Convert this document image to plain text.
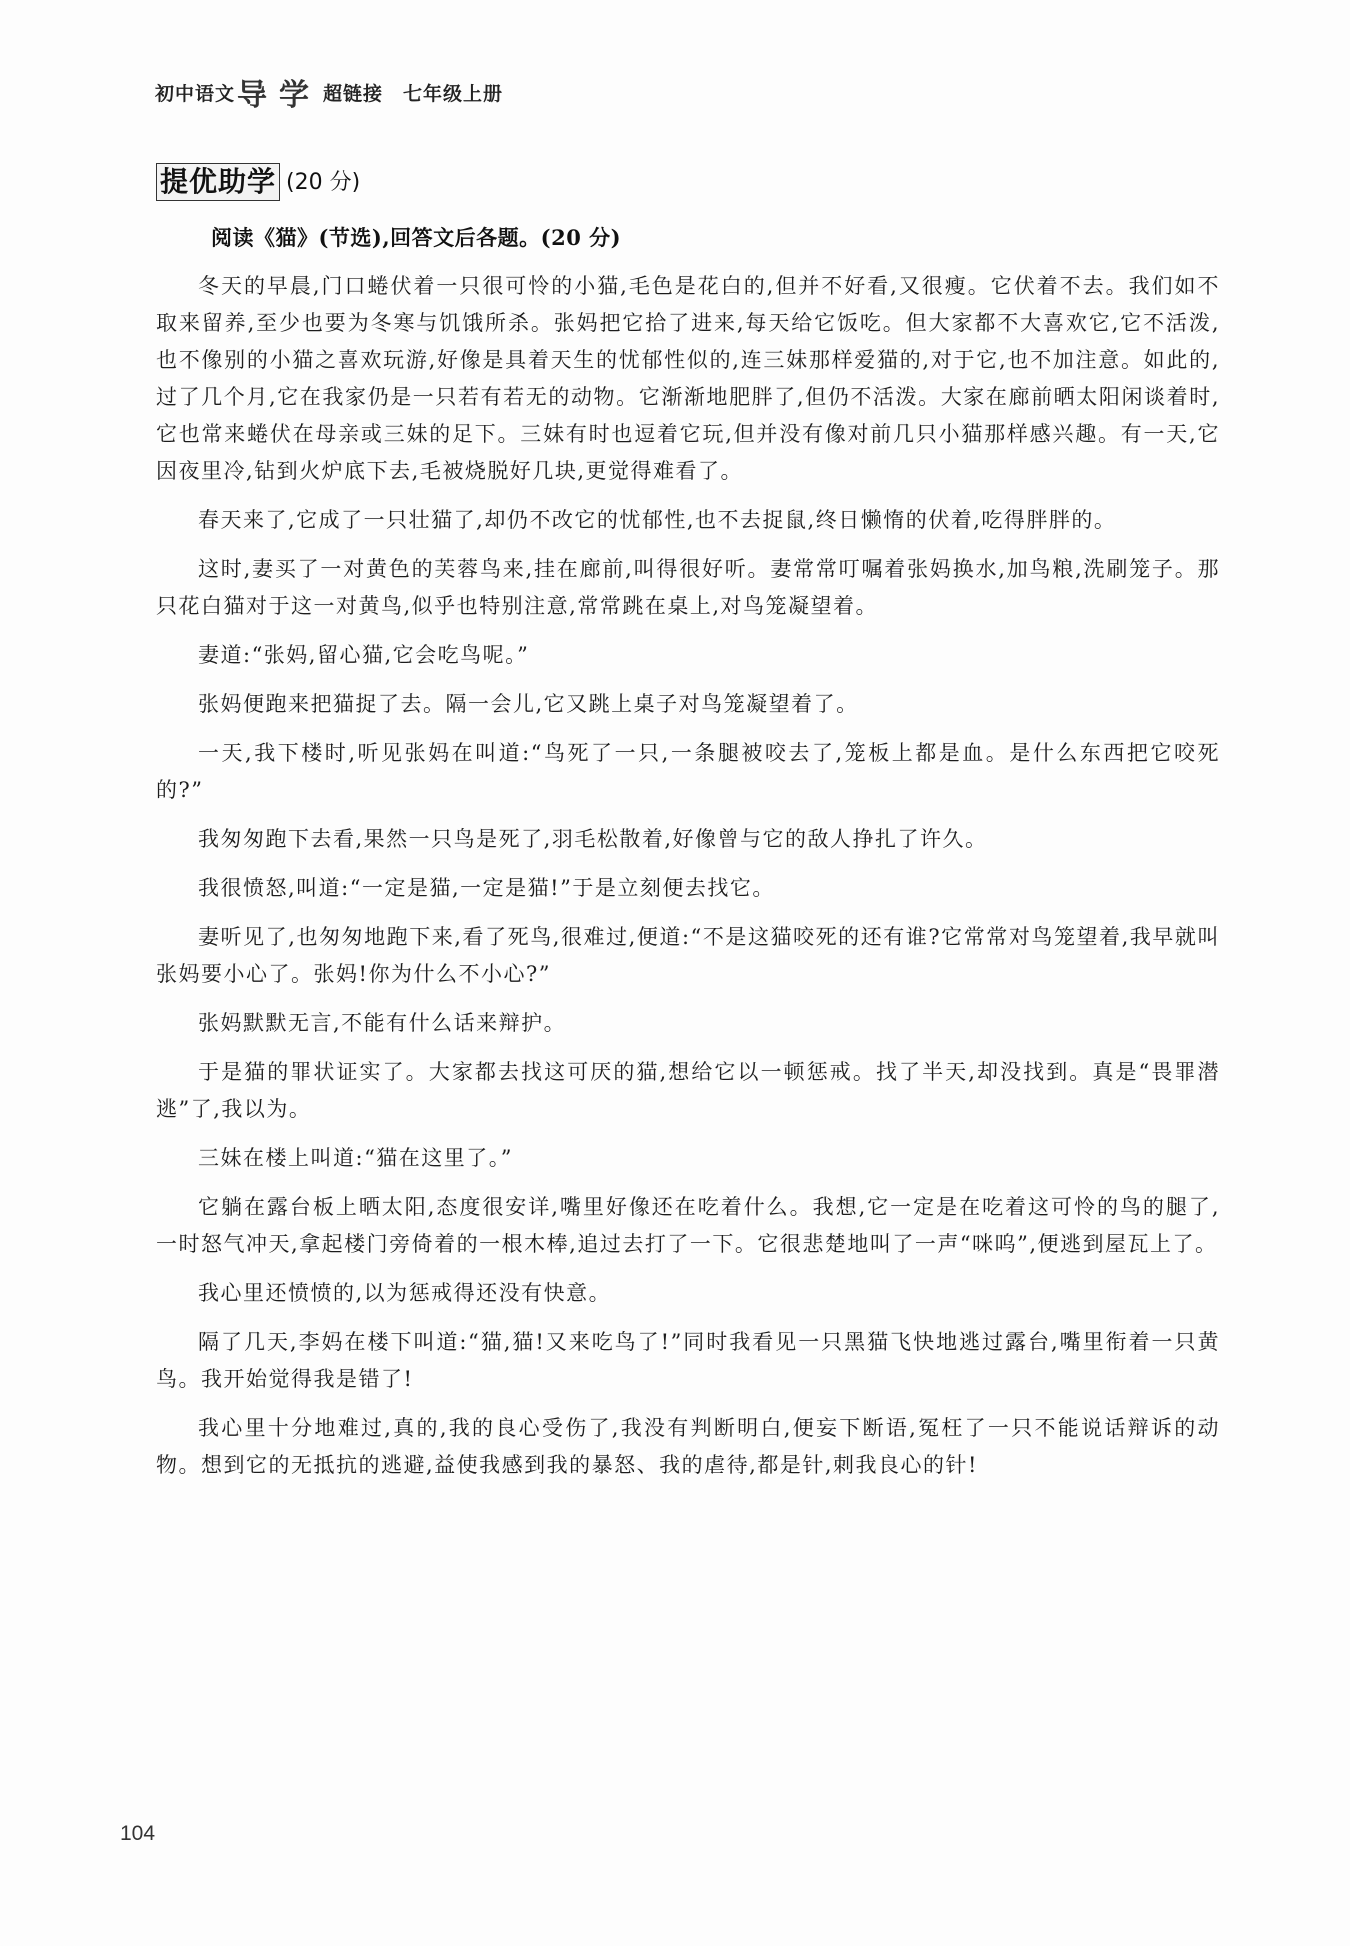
初中语文 导 学 超链接 七年级上册
提优助学 (20 分)
阅读《猫》(节选),回答文后各题。(20 分)

冬天的早晨,门口蜷伏着一只很可怜的小猫,毛色是花白的,但并不好看,又很瘦。它伏着不去。我们如不取来留养,至少也要为冬寒与饥饿所杀。张妈把它拾了进来,每天给它饭吃。但大家都不大喜欢它,它不活泼,也不像别的小猫之喜欢玩游,好像是具着天生的忧郁性似的,连三妹那样爱猫的,对于它,也不加注意。如此的,过了几个月,它在我家仍是一只若有若无的动物。它渐渐地肥胖了,但仍不活泼。大家在廊前晒太阳闲谈着时,它也常来蜷伏在母亲或三妹的足下。三妹有时也逗着它玩,但并没有像对前几只小猫那样感兴趣。有一天,它因夜里冷,钻到火炉底下去,毛被烧脱好几块,更觉得难看了。

春天来了,它成了一只壮猫了,却仍不改它的忧郁性,也不去捉鼠,终日懒惰的伏着,吃得胖胖的。

这时,妻买了一对黄色的芙蓉鸟来,挂在廊前,叫得很好听。妻常常叮嘱着张妈换水,加鸟粮,洗刷笼子。那只花白猫对于这一对黄鸟,似乎也特别注意,常常跳在桌上,对鸟笼凝望着。

妻道:“张妈,留心猫,它会吃鸟呢。”

张妈便跑来把猫捉了去。隔一会儿,它又跳上桌子对鸟笼凝望着了。

一天,我下楼时,听见张妈在叫道:“鸟死了一只,一条腿被咬去了,笼板上都是血。是什么东西把它咬死的?”

我匆匆跑下去看,果然一只鸟是死了,羽毛松散着,好像曾与它的敌人挣扎了许久。

我很愤怒,叫道:“一定是猫,一定是猫!”于是立刻便去找它。

妻听见了,也匆匆地跑下来,看了死鸟,很难过,便道:“不是这猫咬死的还有谁?它常常对鸟笼望着,我早就叫张妈要小心了。张妈!你为什么不小心?”

张妈默默无言,不能有什么话来辩护。

于是猫的罪状证实了。大家都去找这可厌的猫,想给它以一顿惩戒。找了半天,却没找到。真是“畏罪潜逃”了,我以为。

三妹在楼上叫道:“猫在这里了。”

它躺在露台板上晒太阳,态度很安详,嘴里好像还在吃着什么。我想,它一定是在吃着这可怜的鸟的腿了,一时怒气冲天,拿起楼门旁倚着的一根木棒,追过去打了一下。它很悲楚地叫了一声“咪呜”,便逃到屋瓦上了。

我心里还愤愤的,以为惩戒得还没有快意。

隔了几天,李妈在楼下叫道:“猫,猫!又来吃鸟了!”同时我看见一只黑猫飞快地逃过露台,嘴里衔着一只黄鸟。我开始觉得我是错了!

我心里十分地难过,真的,我的良心受伤了,我没有判断明白,便妄下断语,冤枉了一只不能说话辩诉的动物。想到它的无抵抗的逃避,益使我感到我的暴怒、我的虐待,都是针,刺我良心的针!

104
